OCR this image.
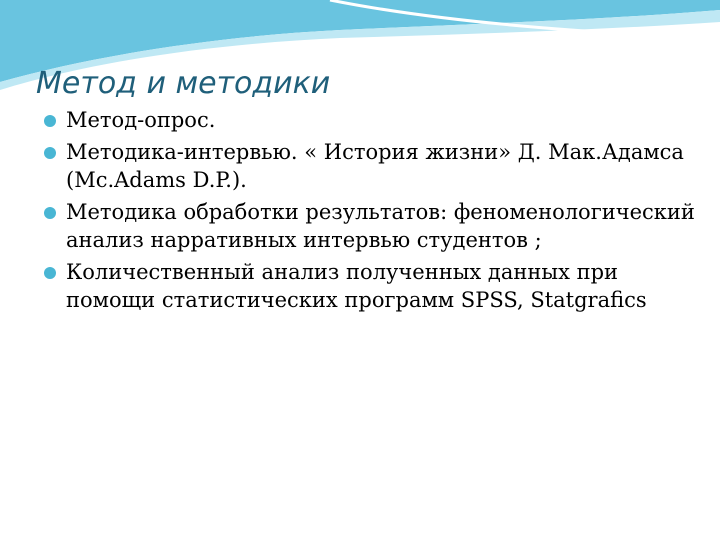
Метод и методики
Метод-опрос.
Методика-интервью. « История жизни» Д. Мак.Адамса (Mc.Adams D.P.).
Методика обработки результатов: феноменологический анализ нарративных интервью студентов ;
Количественный анализ полученных данных при помощи статистических программ SPSS, Statgrafics
